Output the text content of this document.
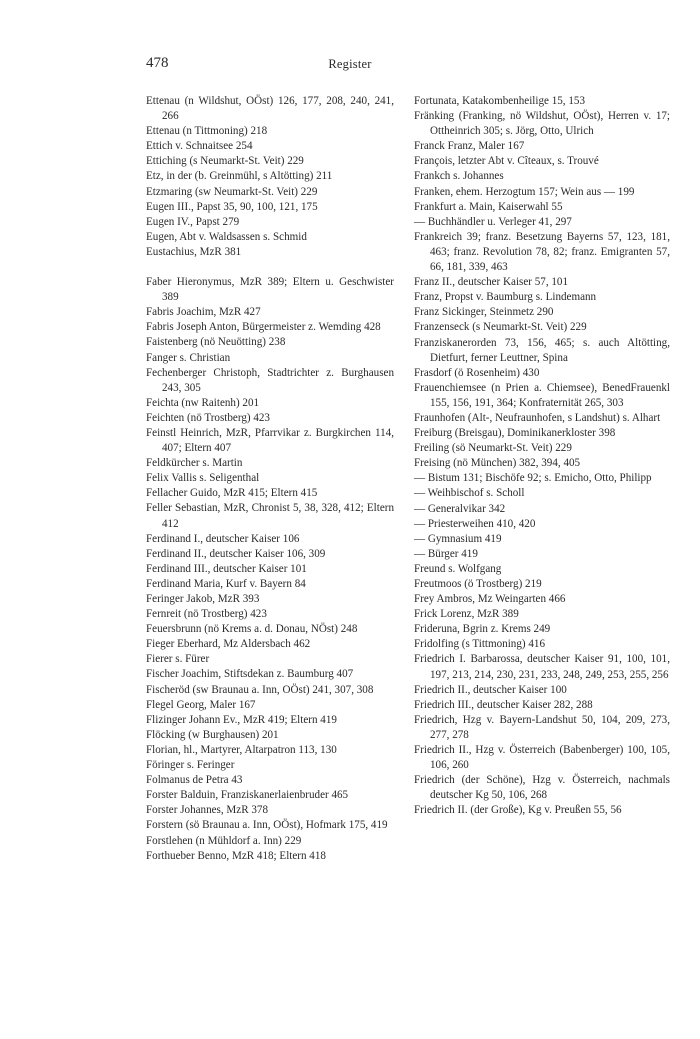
478	Register

Ettenau (n Wildshut, OÖst) 126, 177, 208, 240, 241, 266

Ettenau (n Tittmoning) 218

Ettich v. Schnaitsee 254

Ettiching (s Neumarkt-St. Veit) 229

Etz, in der (b. Greinmühl, s Altötting) 211

Etzmaring (sw Neumarkt-St. Veit) 229

Eugen III., Papst 35, 90, 100, 121, 175

Eugen IV., Papst 279

Eugen, Abt v. Waldsassen s. Schmid

Eustachius, MzR 381

Faber Hieronymus, MzR 389; Eltern u. Geschwister 389

Fabris Joachim, MzR 427

Fabris Joseph Anton, Bürgermeister z. Wemding 428

Faistenberg (nö Neuötting) 238

Fanger s. Christian

Fechenberger Christoph, Stadtrichter z. Burghausen 243, 305

Feichta (nw Raitenh) 201

Feichten (nö Trostberg) 423

Feinstl Heinrich, MzR, Pfarrvikar z. Burgkirchen 114, 407; Eltern 407

Feldkürcher s. Martin

Felix Vallis s. Seligenthal

Fellacher Guido, MzR 415; Eltern 415

Feller Sebastian, MzR, Chronist 5, 38, 328, 412; Eltern 412

Ferdinand I., deutscher Kaiser 106

Ferdinand II., deutscher Kaiser 106, 309

Ferdinand III., deutscher Kaiser 101

Ferdinand Maria, Kurf v. Bayern 84

Feringer Jakob, MzR 393

Fernreit (nö Trostberg) 423

Feuersbrunn (nö Krems a. d. Donau, NÖst) 248

Fieger Eberhard, Mz Aldersbach 462

Fierer s. Fürer

Fischer Joachim, Stiftsdekan z. Baumburg 407

Fischeröd (sw Braunau a. Inn, OÖst) 241, 307, 308

Flegel Georg, Maler 167

Flizinger Johann Ev., MzR 419; Eltern 419

Flöcking (w Burghausen) 201

Florian, hl., Martyrer, Altarpatron 113, 130

Föringer s. Feringer

Folmanus de Petra 43

Forster Balduin, Franziskanerlaienbruder 465

Forster Johannes, MzR 378

Forstern (sö Braunau a. Inn, OÖst), Hofmark 175, 419

Forstlehen (n Mühldorf a. Inn) 229

Forthueber Benno, MzR 418; Eltern 418

Fortunata, Katakombenheilige 15, 153

Fränking (Franking, nö Wildshut, OÖst), Herren v. 17; Ottheinrich 305; s. Jörg, Otto, Ulrich

Franck Franz, Maler 167

François, letzter Abt v. Cîteaux, s. Trouvé

Frankch s. Johannes

Franken, ehem. Herzogtum 157; Wein aus — 199

Frankfurt a. Main, Kaiserwahl 55

— Buchhändler u. Verleger 41, 297

Frankreich 39; franz. Besetzung Bayerns 57, 123, 181, 463; franz. Revolution 78, 82; franz. Emigranten 57, 66, 181, 339, 463

Franz II., deutscher Kaiser 57, 101

Franz, Propst v. Baumburg s. Lindemann

Franz Sickinger, Steinmetz 290

Franzenseck (s Neumarkt-St. Veit) 229

Franziskanerorden 73, 156, 465; s. auch Altötting, Dietfurt, ferner Leuttner, Spina

Frasdorf (ö Rosenheim) 430

Frauenchiemsee (n Prien a. Chiemsee), BenedFrauenkl 155, 156, 191, 364; Konfraternität 265, 303

Fraunhofen (Alt-, Neufraunhofen, s Landshut) s. Alhart

Freiburg (Breisgau), Dominikanerkloster 398

Freiling (sö Neumarkt-St. Veit) 229

Freising (nö München) 382, 394, 405

— Bistum 131; Bischöfe 92; s. Emicho, Otto, Philipp

— Weihbischof s. Scholl

— Generalvikar 342

— Priesterweihen 410, 420

— Gymnasium 419

— Bürger 419

Freund s. Wolfgang

Freutmoos (ö Trostberg) 219

Frey Ambros, Mz Weingarten 466

Frick Lorenz, MzR 389

Frideruna, Bgrin z. Krems 249

Fridolfing (s Tittmoning) 416

Friedrich I. Barbarossa, deutscher Kaiser 91, 100, 101, 197, 213, 214, 230, 231, 233, 248, 249, 253, 255, 256

Friedrich II., deutscher Kaiser 100

Friedrich III., deutscher Kaiser 282, 288

Friedrich, Hzg v. Bayern-Landshut 50, 104, 209, 273, 277, 278

Friedrich II., Hzg v. Österreich (Babenberger) 100, 105, 106, 260

Friedrich (der Schöne), Hzg v. Österreich, nachmals deutscher Kg 50, 106, 268

Friedrich II. (der Große), Kg v. Preußen 55, 56
